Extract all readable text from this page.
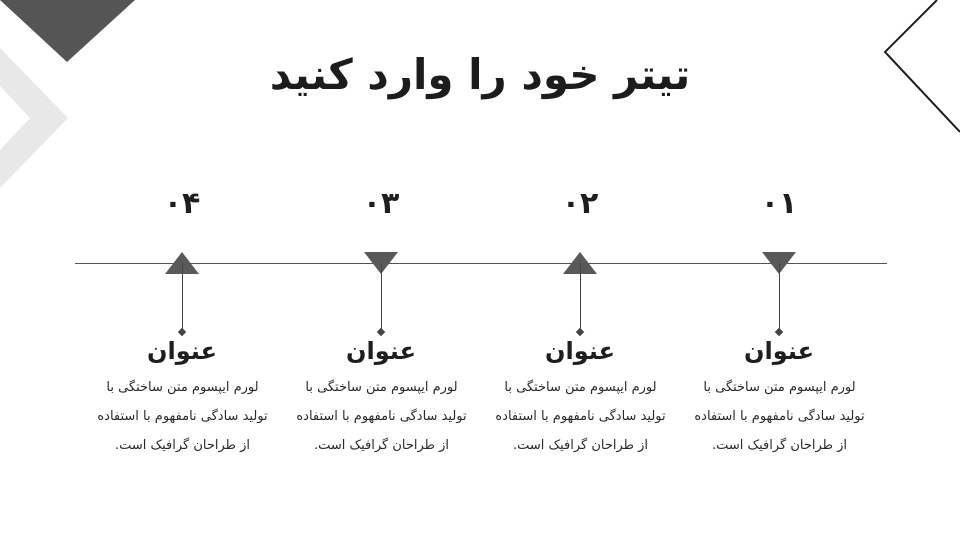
تیتر خود را وارد کنید
۰۱
عنوان
لورم ایپسوم متن ساختگی با تولید سادگی نامفهوم با استفاده از طراحان گرافیک است.
۰۲
عنوان
لورم ایپسوم متن ساختگی با تولید سادگی نامفهوم با استفاده از طراحان گرافیک است.
۰۳
عنوان
لورم ایپسوم متن ساختگی با تولید سادگی نامفهوم با استفاده از طراحان گرافیک است.
۰۴
عنوان
لورم ایپسوم متن ساختگی با تولید سادگی نامفهوم با استفاده از طراحان گرافیک است.
